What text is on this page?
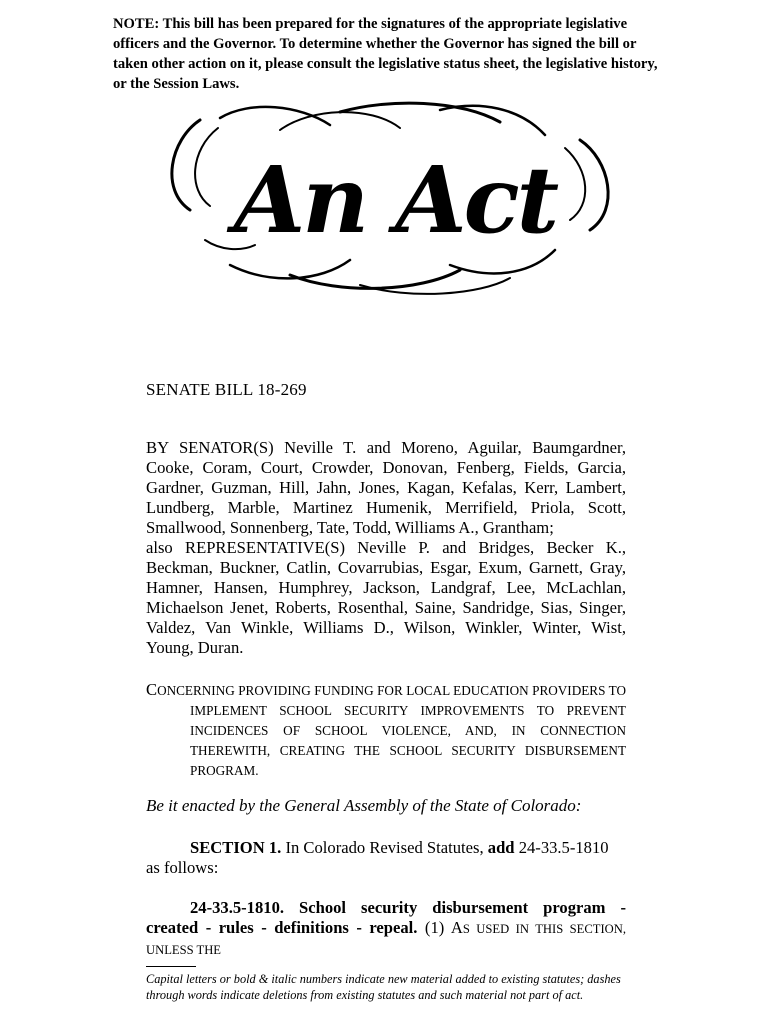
NOTE: This bill has been prepared for the signatures of the appropriate legislative officers and the Governor. To determine whether the Governor has signed the bill or taken other action on it, please consult the legislative status sheet, the legislative history, or the Session Laws.
An Act
SENATE BILL 18-269

BY SENATOR(S) Neville T. and Moreno, Aguilar, Baumgardner, Cooke, Coram, Court, Crowder, Donovan, Fenberg, Fields, Garcia, Gardner, Guzman, Hill, Jahn, Jones, Kagan, Kefalas, Kerr, Lambert, Lundberg, Marble, Martinez Humenik, Merrifield, Priola, Scott, Smallwood, Sonnenberg, Tate, Todd, Williams A., Grantham;

also REPRESENTATIVE(S) Neville P. and Bridges, Becker K., Beckman, Buckner, Catlin, Covarrubias, Esgar, Exum, Garnett, Gray, Hamner, Hansen, Humphrey, Jackson, Landgraf, Lee, McLachlan, Michaelson Jenet, Roberts, Rosenthal, Saine, Sandridge, Sias, Singer, Valdez, Van Winkle, Williams D., Wilson, Winkler, Winter, Wist, Young, Duran.

CONCERNING PROVIDING FUNDING FOR LOCAL EDUCATION PROVIDERS TO IMPLEMENT SCHOOL SECURITY IMPROVEMENTS TO PREVENT INCIDENCES OF SCHOOL VIOLENCE, AND, IN CONNECTION THEREWITH, CREATING THE SCHOOL SECURITY DISBURSEMENT PROGRAM.

Be it enacted by the General Assembly of the State of Colorado:

SECTION 1. In Colorado Revised Statutes, add 24-33.5-1810 as follows:

24-33.5-1810. School security disbursement program - created - rules - definitions - repeal. (1) AS USED IN THIS SECTION, UNLESS THE

Capital letters or bold & italic numbers indicate new material added to existing statutes; dashes through words indicate deletions from existing statutes and such material not part of act.
